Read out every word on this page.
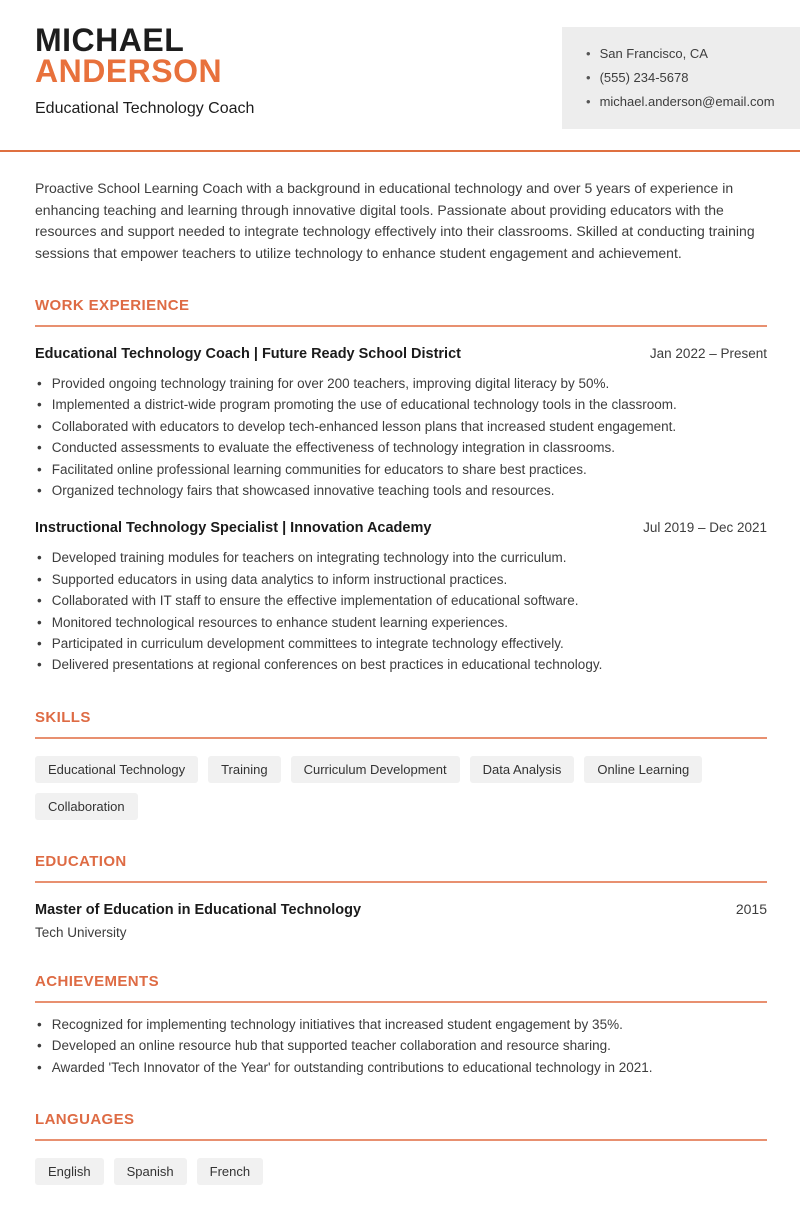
MICHAEL
ANDERSON
Educational Technology Coach
• San Francisco, CA
• (555) 234-5678
• michael.anderson@email.com

Proactive School Learning Coach with a background in educational technology and over 5 years of experience in enhancing teaching and learning through innovative digital tools. Passionate about providing educators with the resources and support needed to integrate technology effectively into their classrooms. Skilled at conducting training sessions that empower teachers to utilize technology to enhance student engagement and achievement.

WORK EXPERIENCE
Educational Technology Coach | Future Ready School District	Jan 2022 – Present
• Provided ongoing technology training for over 200 teachers, improving digital literacy by 50%.
• Implemented a district-wide program promoting the use of educational technology tools in the classroom.
• Collaborated with educators to develop tech-enhanced lesson plans that increased student engagement.
• Conducted assessments to evaluate the effectiveness of technology integration in classrooms.
• Facilitated online professional learning communities for educators to share best practices.
• Organized technology fairs that showcased innovative teaching tools and resources.
Instructional Technology Specialist | Innovation Academy	Jul 2019 – Dec 2021
• Developed training modules for teachers on integrating technology into the curriculum.
• Supported educators in using data analytics to inform instructional practices.
• Collaborated with IT staff to ensure the effective implementation of educational software.
• Monitored technological resources to enhance student learning experiences.
• Participated in curriculum development committees to integrate technology effectively.
• Delivered presentations at regional conferences on best practices in educational technology.
SKILLS
Educational Technology	Training	Curriculum Development	Data Analysis	Online Learning
Collaboration
EDUCATION
Master of Education in Educational Technology	2015
Tech University
ACHIEVEMENTS
• Recognized for implementing technology initiatives that increased student engagement by 35%.
• Developed an online resource hub that supported teacher collaboration and resource sharing.
• Awarded 'Tech Innovator of the Year' for outstanding contributions to educational technology in 2021.
LANGUAGES
English	Spanish	French
